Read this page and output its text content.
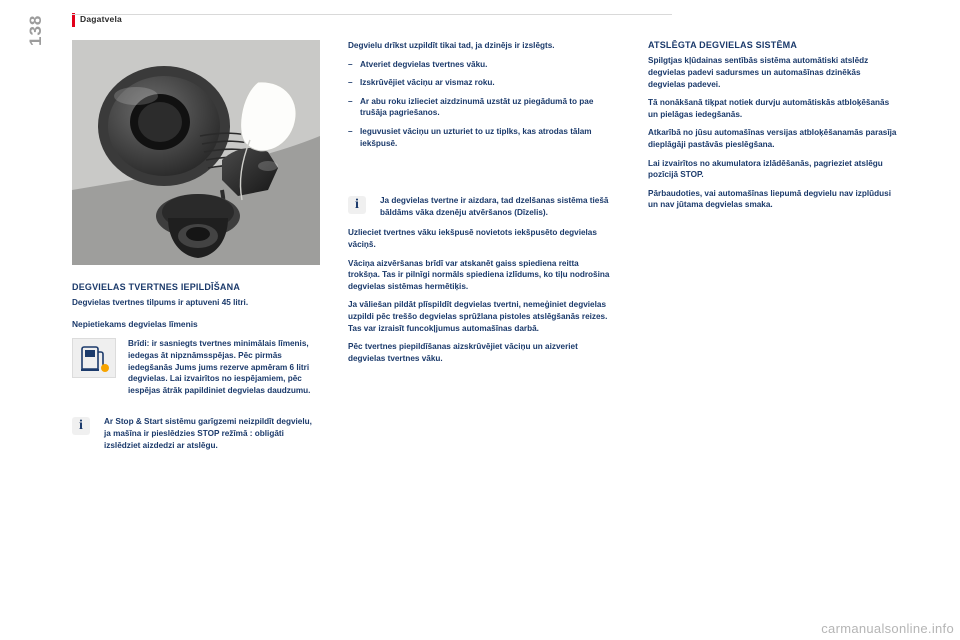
Dagatvela
138
DEGVIELAS TVERTNES IEPILDĪŠANA

Degvielas tvertnes tilpums ir aptuveni 45 litri.

Nepietiekams degvielas līmenis

Brīdi: ir sasniegts tvertnes minimālais līmenis, iedegas āt nipznāmsspējas. Pēc pirmās iedegšanās Jums jums rezerve apmēram 6 litri degvielas. Lai izvairītos no iespējamiem, pēc iespējas ātrāk papildiniet degvielas daudzumu.

i	Ar Stop & Start sistēmu garīgzemi neizpildīt degvielu, ja mašīna ir pieslēdzies STOP režīmā : obligāti izslēdziet aizdedzi ar atslēgu.

Degvielu drīkst uzpildīt tikai tad, ja dzinējs ir izslēgts.

– Atveriet degvielas tvertnes vāku.
– Izskrūvējiet vāciņu ar vismaz roku.
– Ar abu roku izlieciet aizdzinumā uzstāt uz piegādumā to pae trušāja pagriešanos.
– Ieguvusiet vāciņu un uzturiet to uz tiplks, kas atrodas tālam iekšpusē.
i	Ja degvielas tvertne ir aizdara, tad dzelšanas sistēma tiešā bāldāms vāka dzenēju atvēršanos (Dīzelis).

Uzlieciet tvertnes vāku iekšpusē novietots iekšpusēto degvielas vāciņš.

Vāciņa aizvēršanas brīdī var atskanēt gaiss spiediena reitta trokšņa. Tas ir pilnīgi normāls spiediena izlīdums, ko tiļu nodrošina degvielas sistēmas hermētiķis.

Ja vāliešan pildāt plīspildīt degvielas tvertni, nemeģiniet degvielas uzpildi pēc treššo degvielas sprūžlana pistoles atslēgšanās reizes. Tas var izraisīt funcokļjumus automašīnas darbā.

Pēc tvertnes piepildīšanas aizskrūvējiet vāciņu un aizveriet degvielas tvertnes vāku.

ATSLĒGTA DEGVIELAS SISTĒMA

Spilgtjas kļūdainas sentībās sistēma automātiski atslēdz degvielas padevi sadursmes un automašīnas dzinēkās degvielas padevei.

Tā nonākšanā tiķpat notiek durvju automātiskās atbloķēšanās un pielāgas iedegšanās.

Atkarībā no jūsu automašīnas versijas atbloķēšanamās parasīja dieplāgāji pastāvās pieslēgšana.

Lai izvairītos no akumulatora izlādēšanās, pagrieziet atslēgu pozīcijā STOP.

Pārbaudoties, vai automašīnas liepumā degvielu nav izplūdusi un nav jūtama degvielas smaka.

carmanualsonline.info
